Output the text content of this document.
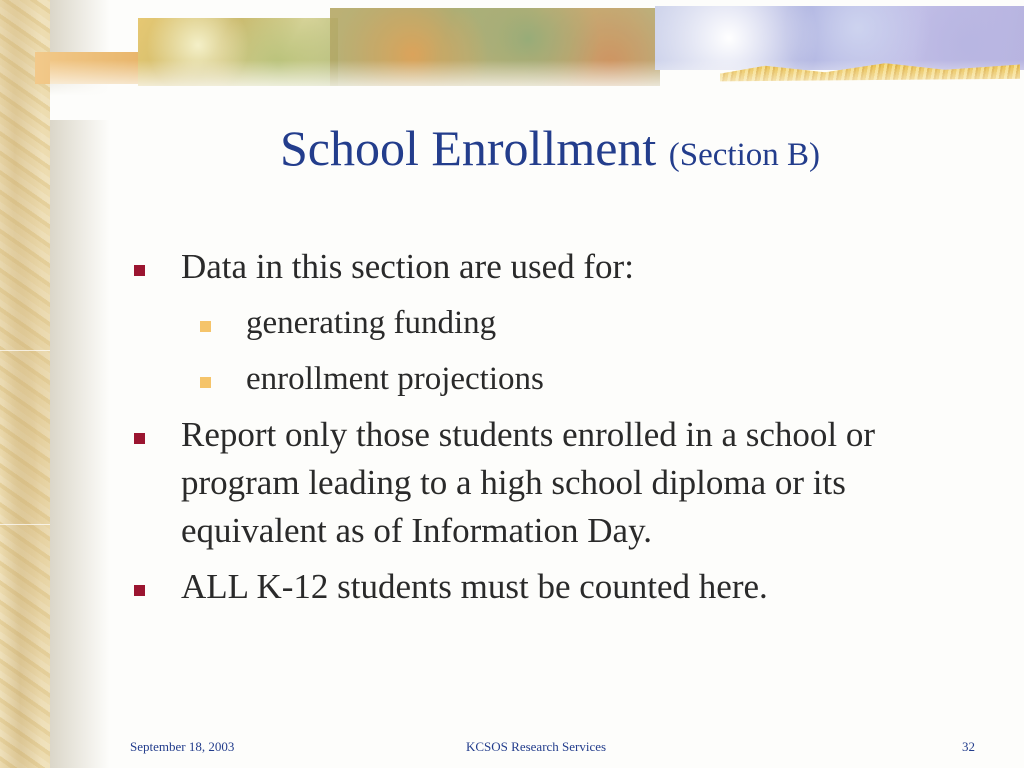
School Enrollment (Section B)
Data in this section are used for:
generating funding
enrollment projections
Report only those students enrolled in a school or program leading to a high school diploma or its equivalent as of Information Day.
ALL K-12 students must be counted here.
September 18, 2003	KCSOS Research Services	32
